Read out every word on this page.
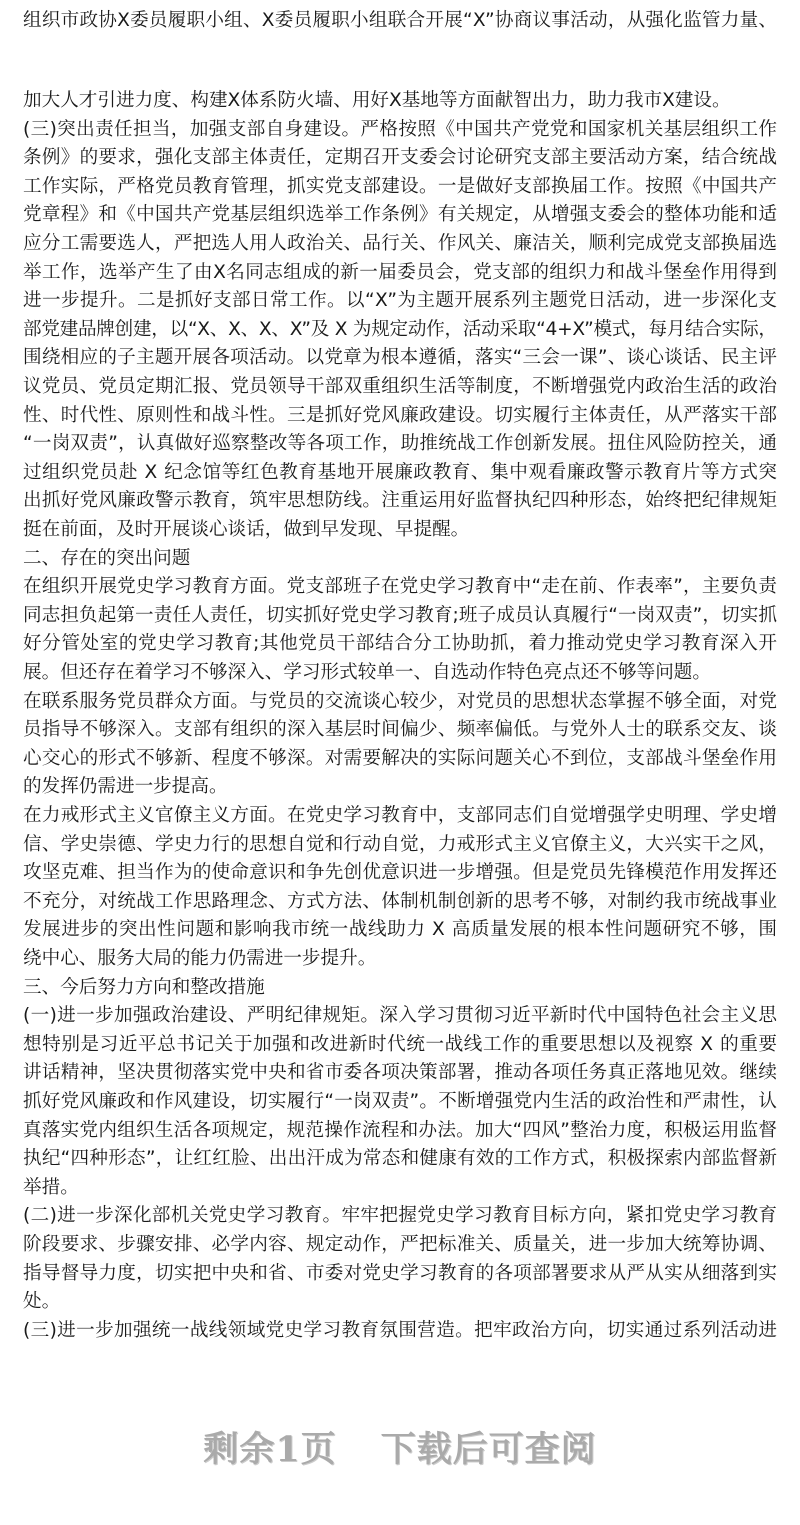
组织市政协X委员履职小组、X委员履职小组联合开展“X”协商议事活动，从强化监管力量、
加大人才引进力度、构建X体系防火墙、用好X基地等方面献智出力，助力我市X建设。
(三)突出责任担当，加强支部自身建设。严格按照《中国共产党党和国家机关基层组织工作
条例》的要求，强化支部主体责任，定期召开支委会讨论研究支部主要活动方案，结合统战
工作实际，严格党员教育管理，抓实党支部建设。一是做好支部换届工作。按照《中国共产
党章程》和《中国共产党基层组织选举工作条例》有关规定，从增强支委会的整体功能和适
应分工需要选人，严把选人用人政治关、品行关、作风关、廉洁关，顺利完成党支部换届选
举工作，选举产生了由X名同志组成的新一届委员会，党支部的组织力和战斗堡垒作用得到
进一步提升。二是抓好支部日常工作。以“X”为主题开展系列主题党日活动，进一步深化支
部党建品牌创建，以“X、X、X、X”及 X 为规定动作，活动采取“4+X”模式，每月结合实际，
围绕相应的子主题开展各项活动。以党章为根本遵循，落实“三会一课”、谈心谈话、民主评
议党员、党员定期汇报、党员领导干部双重组织生活等制度，不断增强党内政治生活的政治
性、时代性、原则性和战斗性。三是抓好党风廉政建设。切实履行主体责任，从严落实干部
“一岗双责”，认真做好巡察整改等各项工作，助推统战工作创新发展。扭住风险防控关，通
过组织党员赴 X 纪念馆等红色教育基地开展廉政教育、集中观看廉政警示教育片等方式突
出抓好党风廉政警示教育，筑牢思想防线。注重运用好监督执纪四种形态，始终把纪律规矩
挺在前面，及时开展谈心谈话，做到早发现、早提醒。
二、存在的突出问题
在组织开展党史学习教育方面。党支部班子在党史学习教育中“走在前、作表率”，主要负责
同志担负起第一责任人责任，切实抓好党史学习教育;班子成员认真履行“一岗双责”，切实抓
好分管处室的党史学习教育;其他党员干部结合分工协助抓，着力推动党史学习教育深入开
展。但还存在着学习不够深入、学习形式较单一、自选动作特色亮点还不够等问题。
在联系服务党员群众方面。与党员的交流谈心较少，对党员的思想状态掌握不够全面，对党
员指导不够深入。支部有组织的深入基层时间偏少、频率偏低。与党外人士的联系交友、谈
心交心的形式不够新、程度不够深。对需要解决的实际问题关心不到位，支部战斗堡垒作用
的发挥仍需进一步提高。
在力戒形式主义官僚主义方面。在党史学习教育中，支部同志们自觉增强学史明理、学史增
信、学史崇德、学史力行的思想自觉和行动自觉，力戒形式主义官僚主义，大兴实干之风，
攻坚克难、担当作为的使命意识和争先创优意识进一步增强。但是党员先锋模范作用发挥还
不充分，对统战工作思路理念、方式方法、体制机制创新的思考不够，对制约我市统战事业
发展进步的突出性问题和影响我市统一战线助力 X 高质量发展的根本性问题研究不够，围
绕中心、服务大局的能力仍需进一步提升。
三、今后努力方向和整改措施
(一)进一步加强政治建设、严明纪律规矩。深入学习贯彻习近平新时代中国特色社会主义思
想特别是习近平总书记关于加强和改进新时代统一战线工作的重要思想以及视察 X 的重要
讲话精神，坚决贯彻落实党中央和省市委各项决策部署，推动各项任务真正落地见效。继续
抓好党风廉政和作风建设，切实履行“一岗双责”。不断增强党内生活的政治性和严肃性，认
真落实党内组织生活各项规定，规范操作流程和办法。加大“四风”整治力度，积极运用监督
执纪“四种形态”，让红红脸、出出汗成为常态和健康有效的工作方式，积极探索内部监督新
举措。
(二)进一步深化部机关党史学习教育。牢牢把握党史学习教育目标方向，紧扣党史学习教育
阶段要求、步骤安排、必学内容、规定动作，严把标准关、质量关，进一步加大统筹协调、
指导督导力度，切实把中央和省、市委对党史学习教育的各项部署要求从严从实从细落到实
处。
(三)进一步加强统一战线领域党史学习教育氛围营造。把牢政治方向，切实通过系列活动进
剩余1页 下载后可查阅
